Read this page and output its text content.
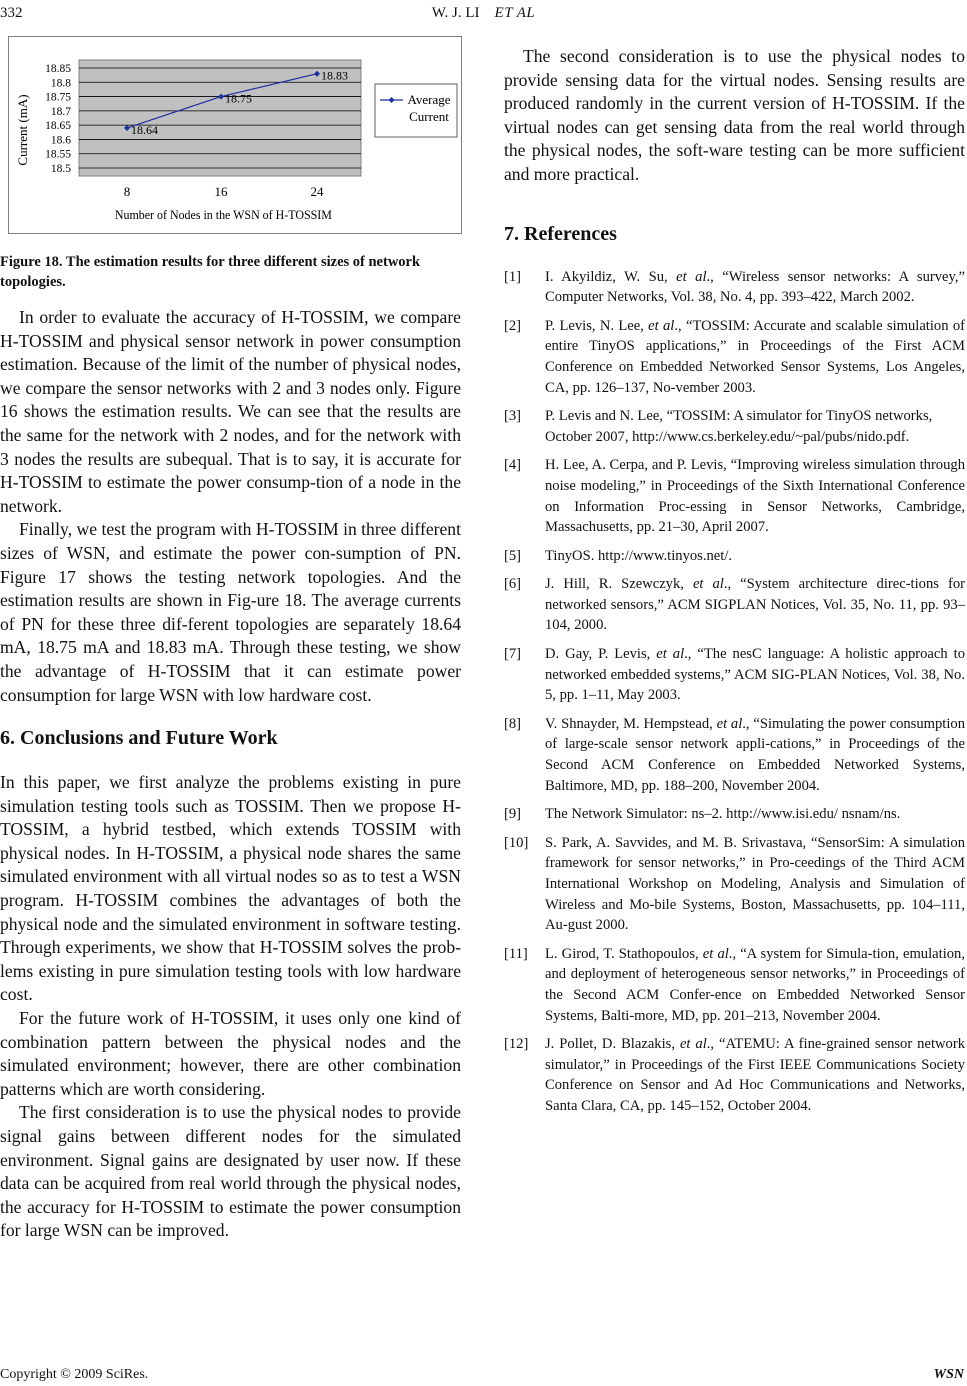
332	W. J. LI ET AL
18.5
18.55
18.6
18.65
18.7
18.75
18.8
18.85
8	16	24
18.64
18.75
18.83
Current (mA)
Number of Nodes in the WSN of H-TOSSIM
Average
Current
Figure 18. The estimation results for three different sizes of network topologies.

In order to evaluate the accuracy of H-TOSSIM, we compare H-TOSSIM and physical sensor network in power consumption estimation. Because of the limit of the number of physical nodes, we compare the sensor networks with 2 and 3 nodes only. Figure 16 shows the estimation results. We can see that the results are the same for the network with 2 nodes, and for the network with 3 nodes the results are subequal. That is to say, it is accurate for H-TOSSIM to estimate the power consump-tion of a node in the network.

Finally, we test the program with H-TOSSIM in three different sizes of WSN, and estimate the power con-sumption of PN. Figure 17 shows the testing network topologies. And the estimation results are shown in Fig-ure 18. The average currents of PN for these three dif-ferent topologies are separately 18.64 mA, 18.75 mA and 18.83 mA. Through these testing, we show the advantage of H-TOSSIM that it can estimate power consumption for large WSN with low hardware cost.

6. Conclusions and Future Work

In this paper, we first analyze the problems existing in pure simulation testing tools such as TOSSIM. Then we propose H-TOSSIM, a hybrid testbed, which extends TOSSIM with physical nodes. In H-TOSSIM, a physical node shares the same simulated environment with all virtual nodes so as to test a WSN program. H-TOSSIM combines the advantages of both the physical node and the simulated environment in software testing. Through experiments, we show that H-TOSSIM solves the prob-lems existing in pure simulation testing tools with low hardware cost.

For the future work of H-TOSSIM, it uses only one kind of combination pattern between the physical nodes and the simulated environment; however, there are other combination patterns which are worth considering.

The first consideration is to use the physical nodes to provide signal gains between different nodes for the simulated environment. Signal gains are designated by user now. If these data can be acquired from real world through the physical nodes, the accuracy for H-TOSSIM to estimate the power consumption for large WSN can be improved.

The second consideration is to use the physical nodes to provide sensing data for the virtual nodes. Sensing results are produced randomly in the current version of H-TOSSIM. If the virtual nodes can get sensing data from the real world through the physical nodes, the soft-ware testing can be more sufficient and more practical.

7. References
[1] I. Akyildiz, W. Su, et al., “Wireless sensor networks: A survey,” Computer Networks, Vol. 38, No. 4, pp. 393–422, March 2002.
[2] P. Levis, N. Lee, et al., “TOSSIM: Accurate and scalable simulation of entire TinyOS applications,” in Proceedings of the First ACM Conference on Embedded Networked Sensor Systems, Los Angeles, CA, pp. 126–137, No-vember 2003.
[3] P. Levis and N. Lee, “TOSSIM: A simulator for TinyOS networks, October 2007, http://www.cs.berkeley.edu/~pal/pubs/nido.pdf.
[4] H. Lee, A. Cerpa, and P. Levis, “Improving wireless simulation through noise modeling,” in Proceedings of the Sixth International Conference on Information Proc-essing in Sensor Networks, Cambridge, Massachusetts, pp. 21–30, April 2007.
[5] TinyOS. http://www.tinyos.net/.
[6] J. Hill, R. Szewczyk, et al., “System architecture direc-tions for networked sensors,” ACM SIGPLAN Notices, Vol. 35, No. 11, pp. 93–104, 2000.
[7] D. Gay, P. Levis, et al., “The nesC language: A holistic approach to networked embedded systems,” ACM SIG-PLAN Notices, Vol. 38, No. 5, pp. 1–11, May 2003.
[8] V. Shnayder, M. Hempstead, et al., “Simulating the power consumption of large-scale sensor network appli-cations,” in Proceedings of the Second ACM Conference on Embedded Networked Systems, Baltimore, MD, pp. 188–200, November 2004.
[9] The Network Simulator: ns–2. http://www.isi.edu/ nsnam/ns.
[10] S. Park, A. Savvides, and M. B. Srivastava, “SensorSim: A simulation framework for sensor networks,” in Pro-ceedings of the Third ACM International Workshop on Modeling, Analysis and Simulation of Wireless and Mo-bile Systems, Boston, Massachusetts, pp. 104–111, Au-gust 2000.
[11] L. Girod, T. Stathopoulos, et al., “A system for Simula-tion, emulation, and deployment of heterogeneous sensor networks,” in Proceedings of the Second ACM Confer-ence on Embedded Networked Sensor Systems, Balti-more, MD, pp. 201–213, November 2004.
[12] J. Pollet, D. Blazakis, et al., “ATEMU: A fine-grained sensor network simulator,” in Proceedings of the First IEEE Communications Society Conference on Sensor and Ad Hoc Communications and Networks, Santa Clara, CA, pp. 145–152, October 2004.
Copyright © 2009 SciRes.	WSN
